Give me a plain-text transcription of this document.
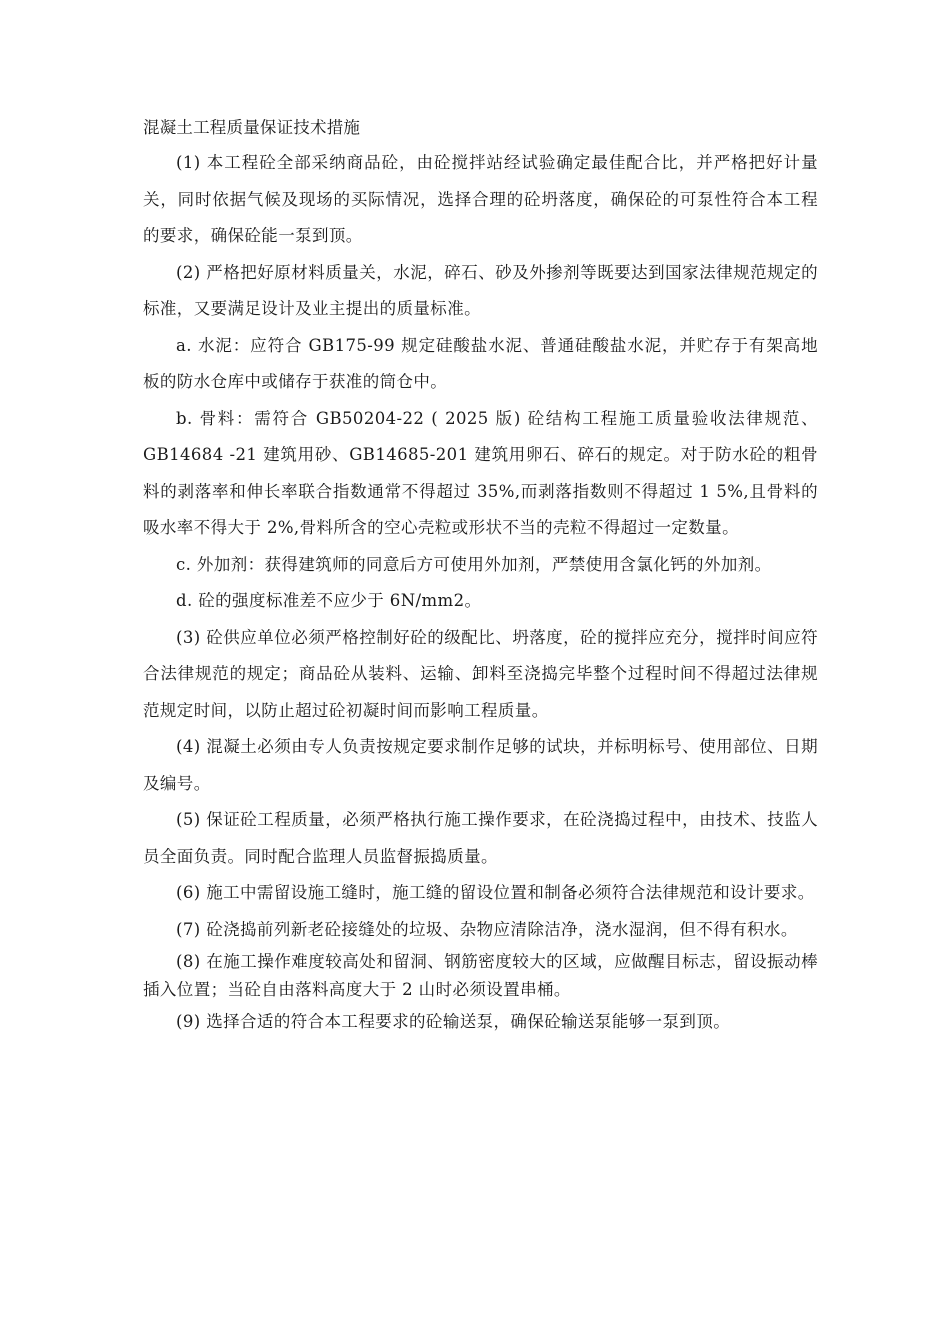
混凝土工程质量保证技术措施

(1) 本工程砼全部采纳商品砼，由砼搅拌站经试验确定最佳配合比，并严格把好计量关，同时依据气候及现场的买际情况，选择合理的砼坍落度，确保砼的可泵性符合本工程的要求，确保砼能一泵到顶。

(2) 严格把好原材料质量关，水泥，碎石、砂及外掺剂等既要达到国家法律规范规定的标准，又要满足设计及业主提出的质量标准。

a. 水泥：应符合 GB175-99 规定硅酸盐水泥、普通硅酸盐水泥，并贮存于有架高地板的防水仓库中或储存于获准的筒仓中。

b. 骨料：需符合 GB50204-22 ( 2025 版) 砼结构工程施工质量验收法律规范、GB14684 -21 建筑用砂、GB14685-201 建筑用卵石、碎石的规定。对于防水砼的粗骨料的剥落率和伸长率联合指数通常不得超过 35%,而剥落指数则不得超过 1 5%,且骨料的吸水率不得大于 2%,骨料所含的空心壳粒或形状不当的壳粒不得超过一定数量。

c. 外加剂：获得建筑师的同意后方可使用外加剂，严禁使用含氯化钙的外加剂。

d. 砼的强度标准差不应少于 6N/mm2。

(3) 砼供应单位必须严格控制好砼的级配比、坍落度，砼的搅拌应充分，搅拌时间应符合法律规范的规定；商品砼从装料、运输、卸料至浇捣完毕整个过程时间不得超过法律规范规定时间，以防止超过砼初凝时间而影响工程质量。

(4) 混凝土必须由专人负责按规定要求制作足够的试块，并标明标号、使用部位、日期及编号。

(5) 保证砼工程质量，必须严格执行施工操作要求，在砼浇捣过程中，由技术、技监人员全面负责。同时配合监理人员监督振捣质量。

(6) 施工中需留设施工缝时，施工缝的留设位置和制备必须符合法律规范和设计要求。

(7) 砼浇捣前列新老砼接缝处的垃圾、杂物应清除洁净，浇水湿润，但不得有积水。

(8) 在施工操作难度较高处和留洞、钢筋密度较大的区域，应做醒目标志，留设振动棒插入位置；当砼自由落料高度大于 2 山时必须设置串桶。

(9) 选择合适的符合本工程要求的砼输送泵，确保砼输送泵能够一泵到顶。
